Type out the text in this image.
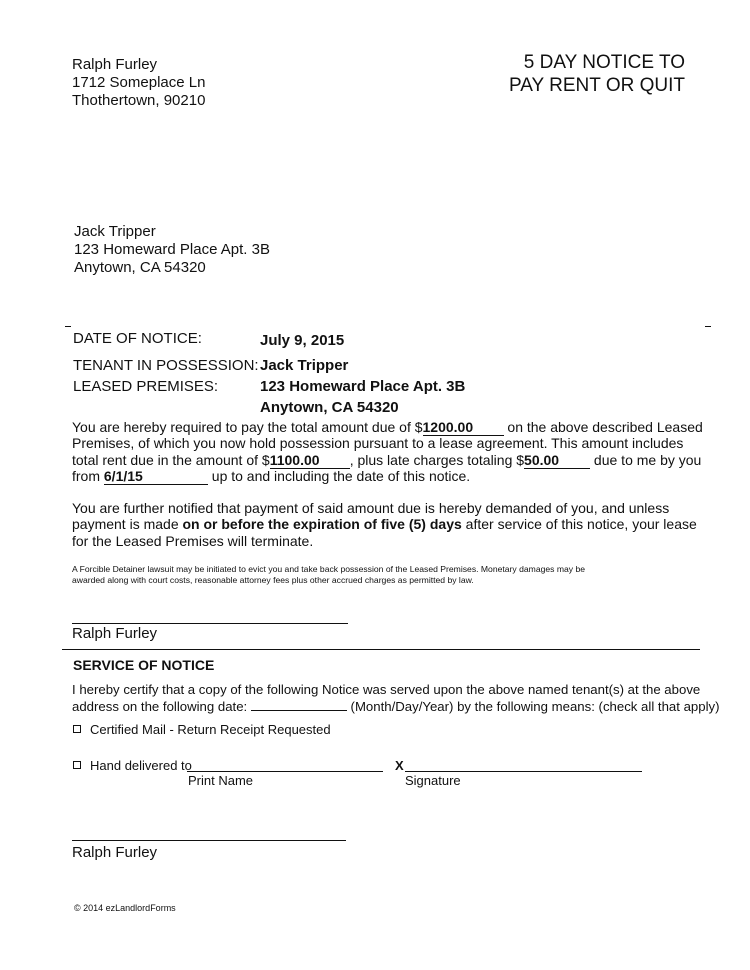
Ralph Furley
1712 Someplace Ln
Thothertown, 90210
5 DAY NOTICE TO
PAY RENT OR QUIT
Jack Tripper
123 Homeward Place Apt. 3B
Anytown, CA 54320
DATE OF NOTICE:	July 9, 2015
TENANT IN POSSESSION: Jack Tripper
LEASED PREMISES:	123 Homeward Place Apt. 3B
Anytown, CA 54320
You are hereby required to pay the total amount due of $1200.00 on the above described Leased
Premises, of which you now hold possession pursuant to a lease agreement. This amount includes
total rent due in the amount of $1100.00 , plus late charges totaling $50.00 due to me by you
from 6/1/15	up to and including the date of this notice.
You are further notified that payment of said amount due is hereby demanded of you, and unless
payment is made on or before the expiration of five (5) days after service of this notice, your lease
for the Leased Premises will terminate.
A Forcible Detainer lawsuit may be initiated to evict you and take back possession of the Leased Premises. Monetary damages may be
awarded along with court costs, reasonable attorney fees plus other accrued charges as permitted by law.
Ralph Furley
SERVICE OF NOTICE
I hereby certify that a copy of the following Notice was served upon the above named tenant(s) at the above
address on the following date:	(Month/Day/Year) by the following means: (check all that apply)
Certified Mail - Return Receipt Requested
Hand delivered to	X
Print Name	Signature
Ralph Furley
© 2014 ezLandlordForms
